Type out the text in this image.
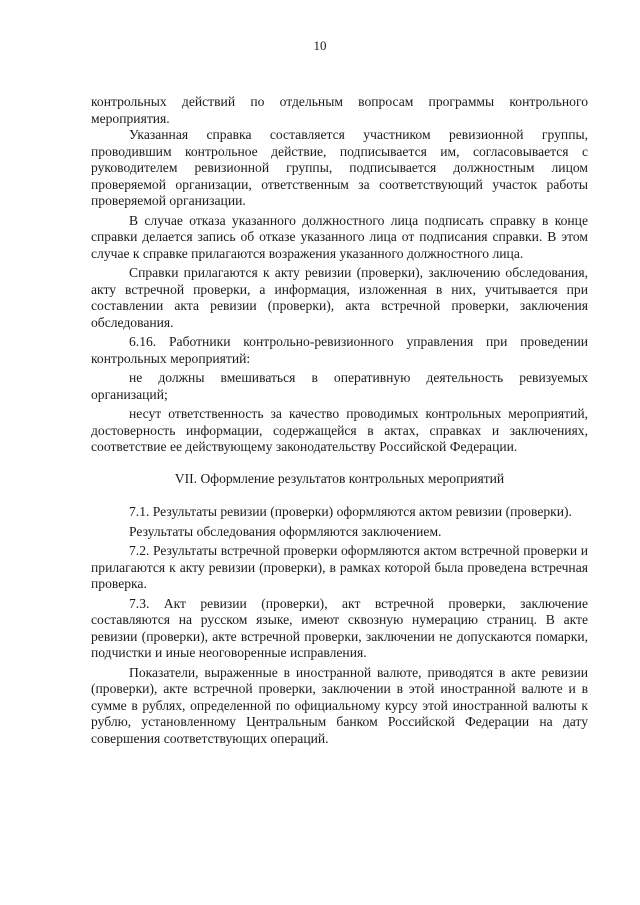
10

контрольных действий по отдельным вопросам программы контрольного мероприятия.

Указанная справка составляется участником ревизионной группы, проводившим контрольное действие, подписывается им, согласовывается с руководителем ревизионной группы, подписывается должностным лицом проверяемой организации, ответственным за соответствующий участок работы проверяемой организации.

В случае отказа указанного должностного лица подписать справку в конце справки делается запись об отказе указанного лица от подписания справки. В этом случае к справке прилагаются возражения указанного должностного лица.

Справки прилагаются к акту ревизии (проверки), заключению обследования, акту встречной проверки, а информация, изложенная в них, учитывается при составлении акта ревизии (проверки), акта встречной проверки, заключения обследования.

6.16. Работники контрольно-ревизионного управления при проведении контрольных мероприятий:

не должны вмешиваться в оперативную деятельность ревизуемых организаций;

несут ответственность за качество проводимых контрольных мероприятий, достоверность информации, содержащейся в актах, справках и заключениях, соответствие ее действующему законодательству Российской Федерации.

VII. Оформление результатов контрольных мероприятий

7.1. Результаты ревизии (проверки) оформляются актом ревизии (проверки).

Результаты обследования оформляются заключением.

7.2. Результаты встречной проверки оформляются актом встречной проверки и прилагаются к акту ревизии (проверки), в рамках которой была проведена встречная проверка.

7.3. Акт ревизии (проверки), акт встречной проверки, заключение составляются на русском языке, имеют сквозную нумерацию страниц. В акте ревизии (проверки), акте встречной проверки, заключении не допускаются помарки, подчистки и иные неоговоренные исправления.

Показатели, выраженные в иностранной валюте, приводятся в акте ревизии (проверки), акте встречной проверки, заключении в этой иностранной валюте и в сумме в рублях, определенной по официальному курсу этой иностранной валюты к рублю, установленному Центральным банком Российской Федерации на дату совершения соответствующих операций.
